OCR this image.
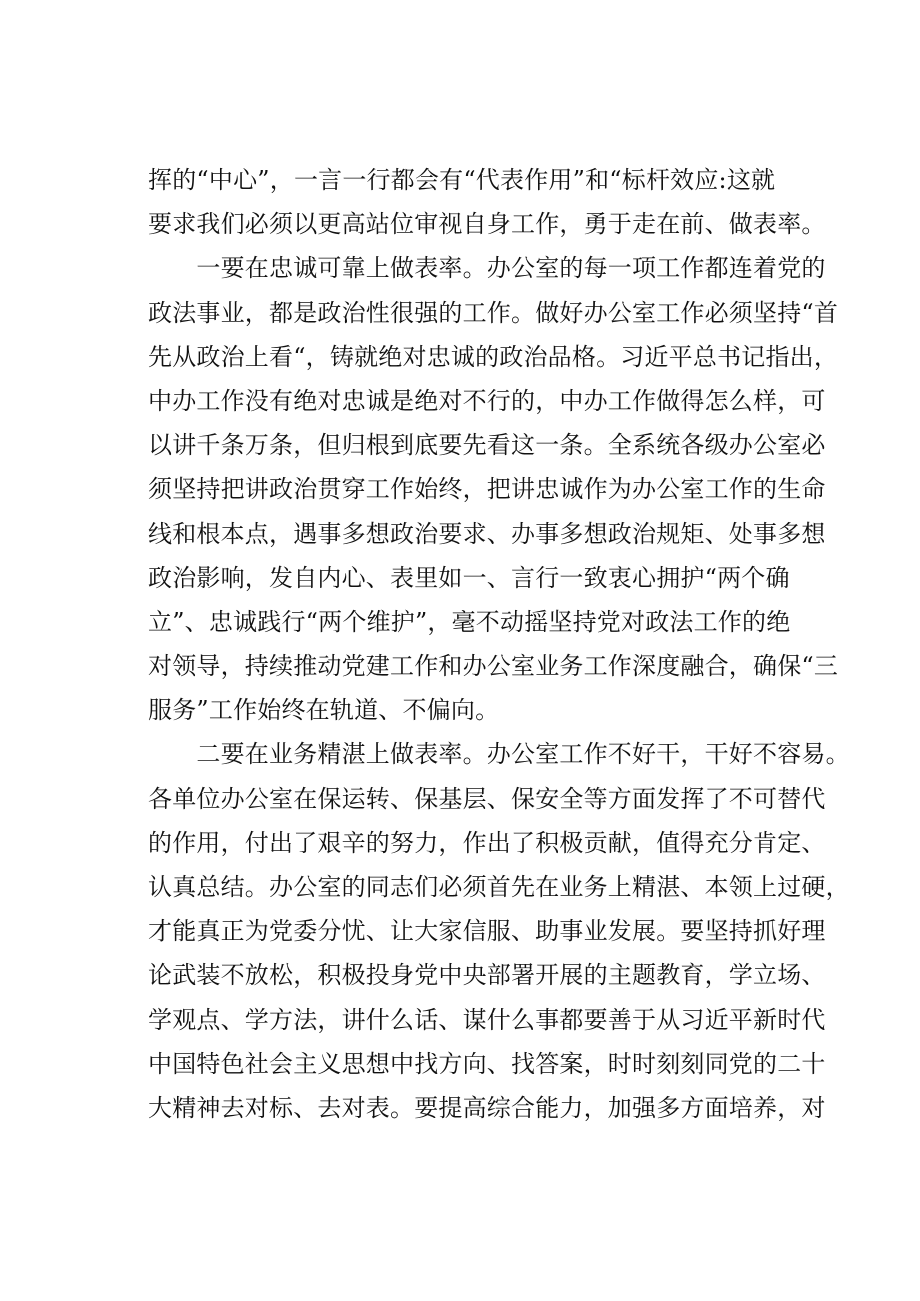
挥的“中心”，一言一行都会有“代表作用”和“标杆效应:这就
要求我们必须以更高站位审视自身工作，勇于走在前、做表率。
　　一要在忠诚可靠上做表率。办公室的每一项工作都连着党的
政法事业，都是政治性很强的工作。做好办公室工作必须坚持“首
先从政治上看“，铸就绝对忠诚的政治品格。习近平总书记指出，
中办工作没有绝对忠诚是绝对不行的，中办工作做得怎么样，可
以讲千条万条，但归根到底要先看这一条。全系统各级办公室必
须坚持把讲政治贯穿工作始终，把讲忠诚作为办公室工作的生命
线和根本点，遇事多想政治要求、办事多想政治规矩、处事多想
政治影响，发自内心、表里如一、言行一致衷心拥护“两个确
立”、忠诚践行“两个维护”，毫不动摇坚持党对政法工作的绝
对领导，持续推动党建工作和办公室业务工作深度融合，确保“三
服务”工作始终在轨道、不偏向。
　　二要在业务精湛上做表率。办公室工作不好干，干好不容易。
各单位办公室在保运转、保基层、保安全等方面发挥了不可替代
的作用，付出了艰辛的努力，作出了积极贡献，值得充分肯定、
认真总结。办公室的同志们必须首先在业务上精湛、本领上过硬，
才能真正为党委分忧、让大家信服、助事业发展。要坚持抓好理
论武装不放松，积极投身党中央部署开展的主题教育，学立场、
学观点、学方法，讲什么话、谋什么事都要善于从习近平新时代
中国特色社会主义思想中找方向、找答案，时时刻刻同党的二十
大精神去对标、去对表。要提高综合能力，加强多方面培养，对
